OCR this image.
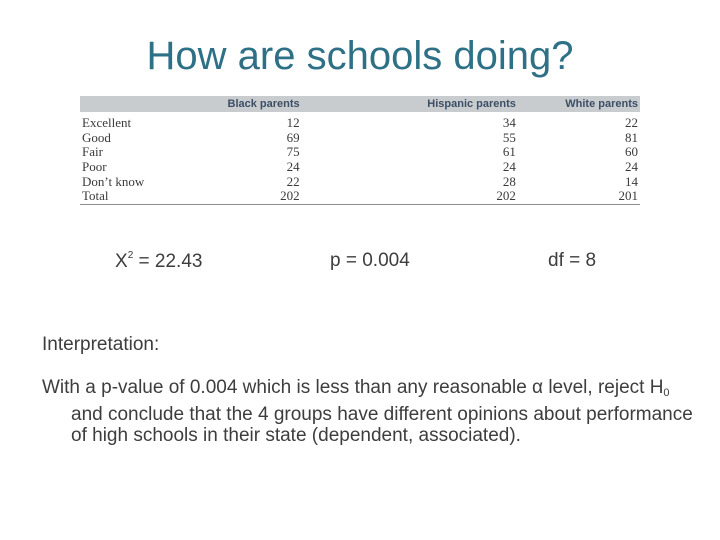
How are schools doing?
	Black parents	Hispanic parents	White parents
Excellent	12	34	22
Good	69	55	81
Fair	75	61	60
Poor	24	24	24
Don’t know	22	28	14
Total	202	202	201
$X^2 = 22.43$	p = 0.004	df = 8
Interpretation:
With a p-value of 0.004 which is less than any reasonable α level, reject $H_0$ and conclude that the 4 groups have different opinions about performance of high schools in their state (dependent, associated).
